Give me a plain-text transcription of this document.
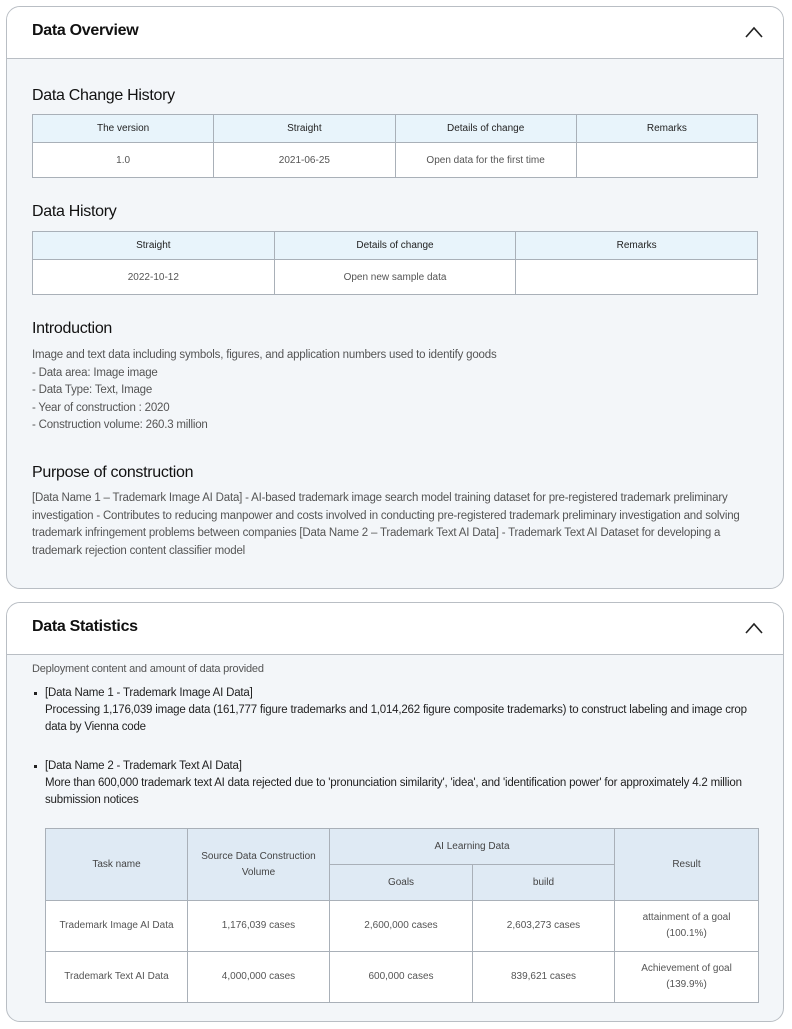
Data Overview
Data Change History
The version	Straight	Details of change	Remarks
1.0	2021-06-25	Open data for the first time	
Data History
Straight	Details of change	Remarks
2022-10-12	Open new sample data	
Introduction
Image and text data including symbols, figures, and application numbers used to identify goods
- Data area: Image image
- Data Type: Text, Image
- Year of construction : 2020
- Construction volume: 260.3 million
Purpose of construction
[Data Name 1 – Trademark Image AI Data] - AI-based trademark image search model training dataset for pre-registered trademark preliminary investigation - Contributes to reducing manpower and costs involved in conducting pre-registered trademark preliminary investigation and solving trademark infringement problems between companies [Data Name 2 – Trademark Text AI Data] - Trademark Text AI Dataset for developing a trademark rejection content classifier model
Data Statistics
Deployment content and amount of data provided
[Data Name 1 - Trademark Image AI Data]
Processing 1,176,039 image data (161,777 figure trademarks and 1,014,262 figure composite trademarks) to construct labeling and image crop data by Vienna code
[Data Name 2 - Trademark Text AI Data]
More than 600,000 trademark text AI data rejected due to 'pronunciation similarity', 'idea', and 'identification power' for approximately 4.2 million submission notices
Task name	Source Data Construction Volume	AI Learning Data		Result
		Goals	build	
Trademark Image AI Data	1,176,039 cases	2,600,000 cases	2,603,273 cases	attainment of a goal
(100.1%)

Trademark Text AI Data	4,000,000 cases	600,000 cases	839,621 cases	Achievement of goal
(139.9%)
